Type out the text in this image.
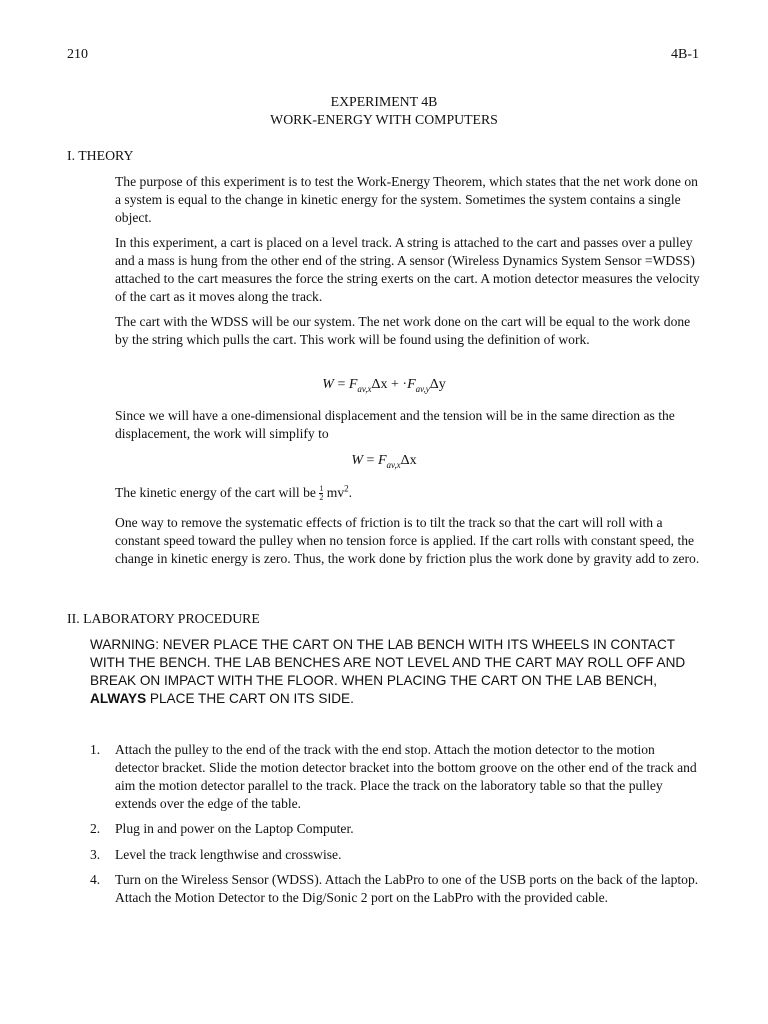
210	4B-1
EXPERIMENT 4B
WORK-ENERGY WITH COMPUTERS
I. THEORY

The purpose of this experiment is to test the Work-Energy Theorem, which states that the net work done on a system is equal to the change in kinetic energy for the system. Sometimes the system contains a single object.

In this experiment, a cart is placed on a level track. A string is attached to the cart and passes over a pulley and a mass is hung from the other end of the string. A sensor (Wireless Dynamics System Sensor =WDSS) attached to the cart measures the force the string exerts on the cart. A motion detector measures the velocity of the cart as it moves along the track.

The cart with the WDSS will be our system. The net work done on the cart will be equal to the work done by the string which pulls the cart. This work will be found using the definition of work.

$W = F_{av,x}\Delta x + \cdot F_{av,y}\Delta y$

Since we will have a one-dimensional displacement and the tension will be in the same direction as the displacement, the work will simplify to

$W = F_{av,x}\Delta x$

The kinetic energy of the cart will be $\frac{1}{2} mv^2$.

One way to remove the systematic effects of friction is to tilt the track so that the cart will roll with a constant speed toward the pulley when no tension force is applied. If the cart rolls with constant speed, the change in kinetic energy is zero. Thus, the work done by friction plus the work done by gravity add to zero.

II. LABORATORY PROCEDURE

WARNING: NEVER PLACE THE CART ON THE LAB BENCH WITH ITS WHEELS IN CONTACT WITH THE BENCH. THE LAB BENCHES ARE NOT LEVEL AND THE CART MAY ROLL OFF AND BREAK ON IMPACT WITH THE FLOOR. WHEN PLACING THE CART ON THE LAB BENCH, ALWAYS PLACE THE CART ON ITS SIDE.

1.	Attach the pulley to the end of the track with the end stop. Attach the motion detector to the motion detector bracket. Slide the motion detector bracket into the bottom groove on the other end of the track and aim the motion detector parallel to the track. Place the track on the laboratory table so that the pulley extends over the edge of the table.

2.	Plug in and power on the Laptop Computer.

3.	Level the track lengthwise and crosswise.

4.	Turn on the Wireless Sensor (WDSS). Attach the LabPro to one of the USB ports on the back of the laptop. Attach the Motion Detector to the Dig/Sonic 2 port on the LabPro with the provided cable.
